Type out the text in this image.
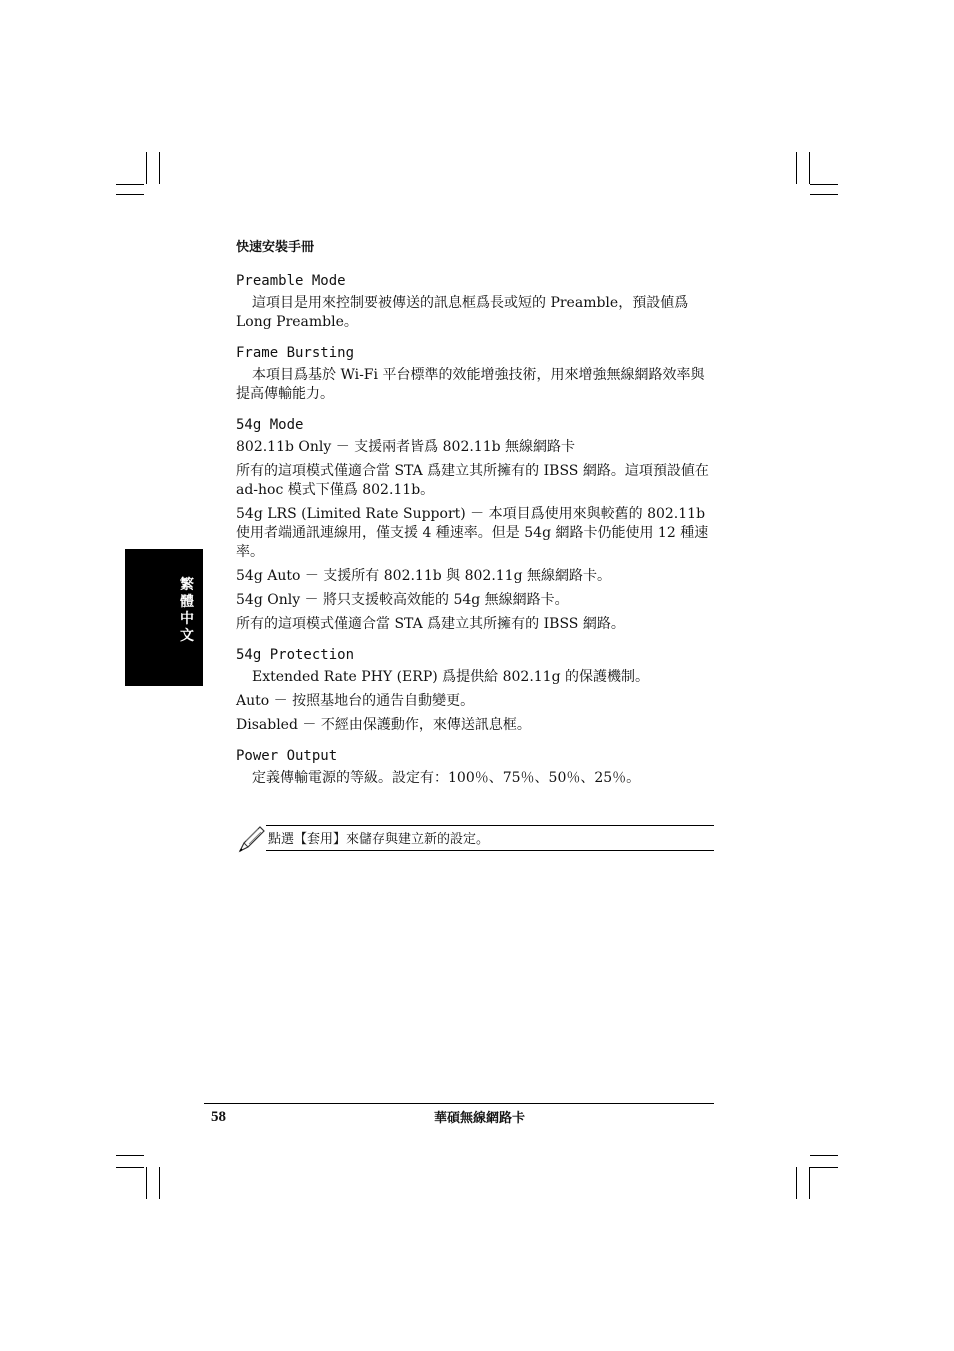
快速安裝手冊
繁
體
中
文
Preamble Mode

這項目是用來控制要被傳送的訊息框爲長或短的 Preamble，預設値爲 Long Preamble。

Frame Bursting

本項目爲基於 Wi-Fi 平台標準的效能增強技術，用來增強無線網路效率與提高傳輸能力。

54g Mode

802.11b Only － 支援兩者皆爲 802.11b 無線網路卡

所有的這項模式僅適合當 STA 爲建立其所擁有的 IBSS 網路。這項預設値在 ad-hoc 模式下僅爲 802.11b。

54g LRS (Limited Rate Support) － 本項目爲使用來與較舊的 802.11b 使用者端通訊連線用，僅支援 4 種速率。但是 54g 網路卡仍能使用 12 種速率。

54g Auto － 支援所有 802.11b 與 802.11g 無線網路卡。

54g Only － 將只支援較高效能的 54g 無線網路卡。

所有的這項模式僅適合當 STA 爲建立其所擁有的 IBSS 網路。

54g Protection

Extended Rate PHY (ERP) 爲提供給 802.11g 的保護機制。

Auto － 按照基地台的通告自動變更。

Disabled － 不經由保護動作，來傳送訊息框。

Power Output

定義傳輸電源的等級。設定有：100％、75％、50％、25％。

點選【套用】來儲存與建立新的設定。
58	華碩無線網路卡
